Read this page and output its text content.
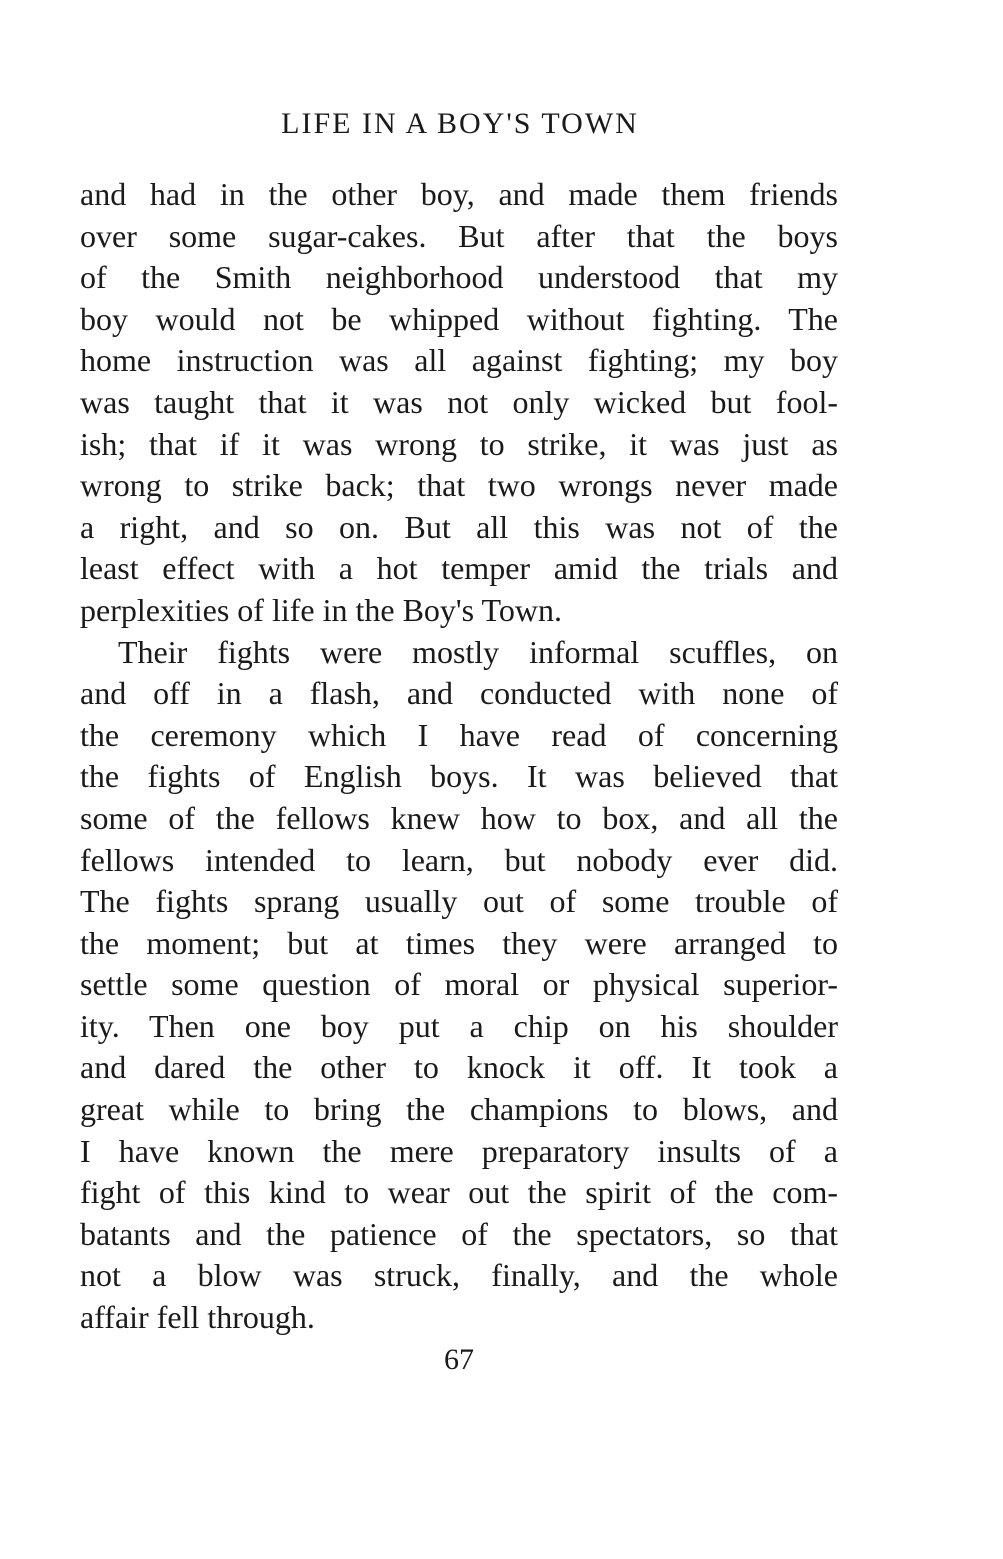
LIFE IN A BOY'S TOWN
and had in the other boy, and made them friends
over some sugar-cakes. But after that the boys
of the Smith neighborhood understood that my
boy would not be whipped without fighting. The
home instruction was all against fighting; my boy
was taught that it was not only wicked but fool-
ish; that if it was wrong to strike, it was just as
wrong to strike back; that two wrongs never made
a right, and so on. But all this was not of the
least effect with a hot temper amid the trials and
perplexities of life in the Boy's Town.
Their fights were mostly informal scuffles, on
and off in a flash, and conducted with none of
the ceremony which I have read of concerning
the fights of English boys. It was believed that
some of the fellows knew how to box, and all the
fellows intended to learn, but nobody ever did.
The fights sprang usually out of some trouble of
the moment; but at times they were arranged to
settle some question of moral or physical superior-
ity. Then one boy put a chip on his shoulder
and dared the other to knock it off. It took a
great while to bring the champions to blows, and
I have known the mere preparatory insults of a
fight of this kind to wear out the spirit of the com-
batants and the patience of the spectators, so that
not a blow was struck, finally, and the whole
affair fell through.
67
